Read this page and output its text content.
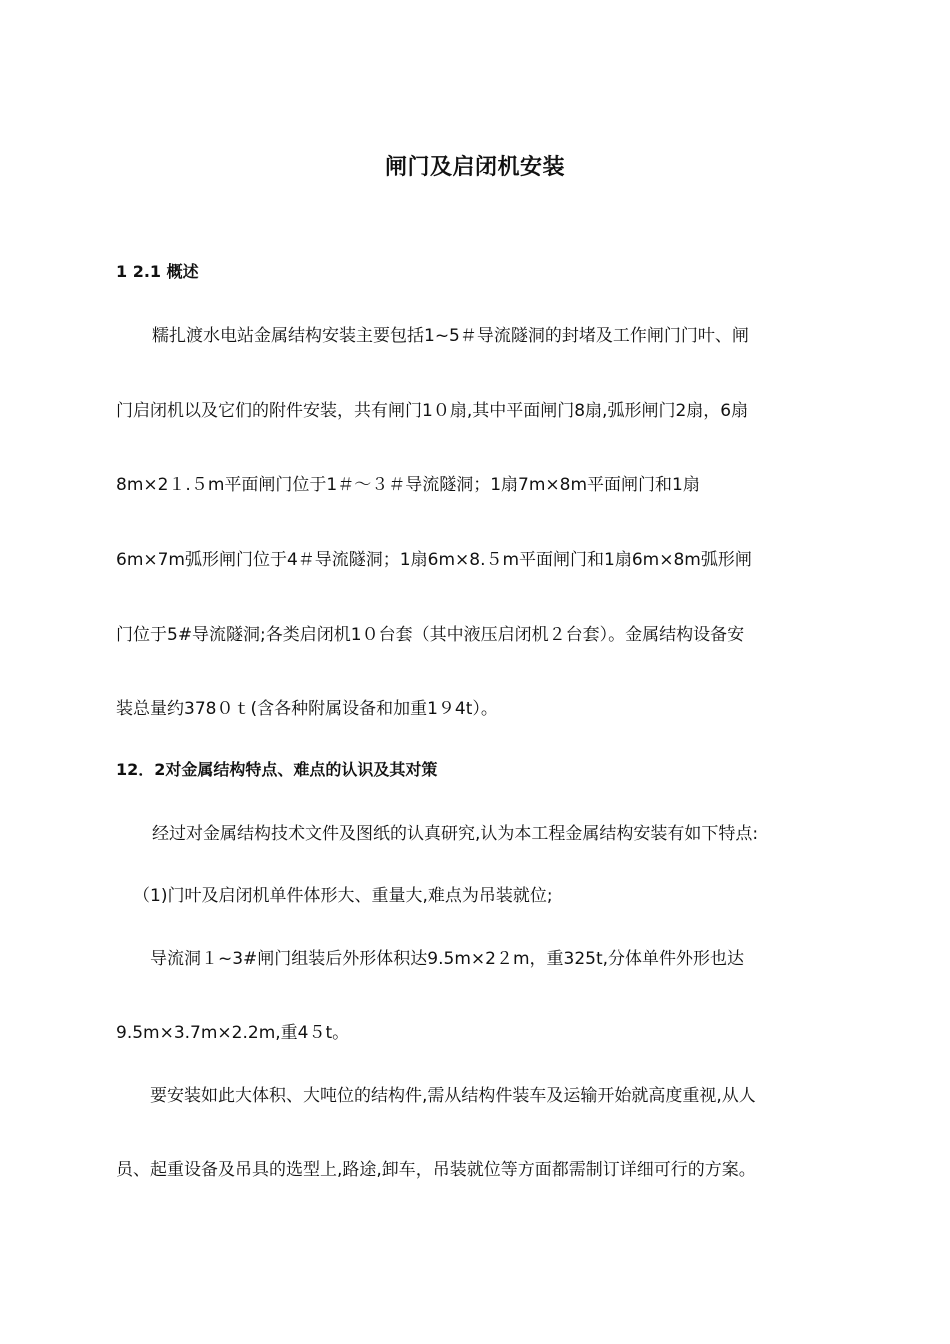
闸门及启闭机安装
1 2.1 概述
糯扎渡水电站金属结构安装主要包括1~5＃导流隧洞的封堵及工作闸门门叶、闸
门启闭机以及它们的附件安装，共有闸门1０扇,其中平面闸门8扇,弧形闸门2扇，6扇
8m×2１.５m平面闸门位于1＃～３＃导流隧洞；1扇7m×8m平面闸门和1扇
6m×7m弧形闸门位于4＃导流隧洞；1扇6m×8.５m平面闸门和1扇6m×8m弧形闸
门位于5#导流隧洞;各类启闭机1０台套（其中液压启闭机２台套）。金属结构设备安
装总量约378０ｔ(含各种附属设备和加重1９4t）。
12．2对金属结构特点、难点的认识及其对策
经过对金属结构技术文件及图纸的认真研究,认为本工程金属结构安装有如下特点:
（1)门叶及启闭机单件体形大、重量大,难点为吊装就位;
导流洞１~3#闸门组装后外形体积达9.5m×2２m，重325t,分体单件外形也达
9.5m×3.7m×2.2m,重4５t。
要安装如此大体积、大吨位的结构件,需从结构件装车及运输开始就高度重视,从人
员、起重设备及吊具的选型上,路途,卸车，吊装就位等方面都需制订详细可行的方案。
